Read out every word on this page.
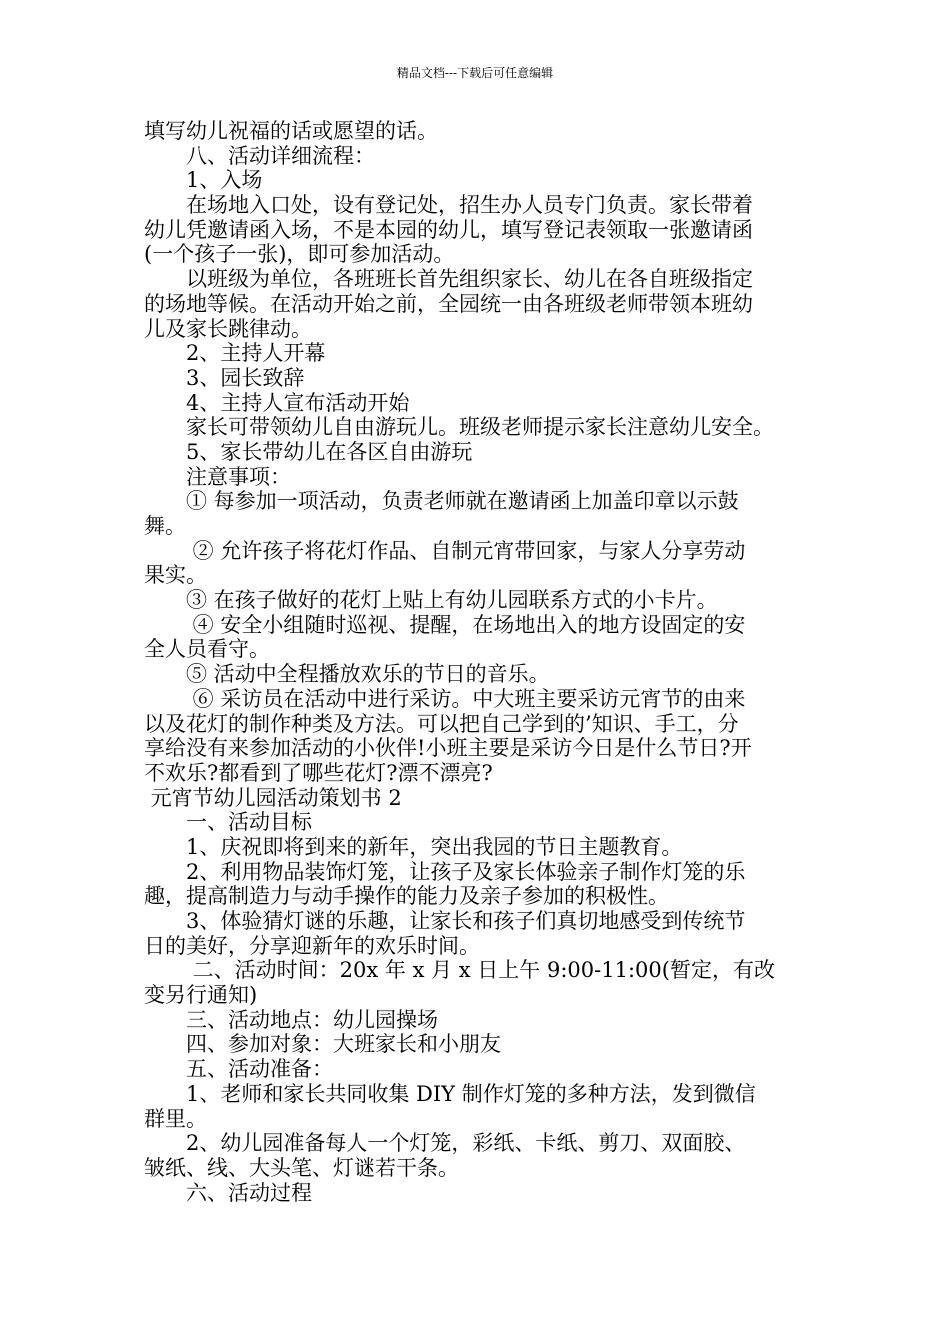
精品文档---下载后可任意编辑
填写幼儿祝福的话或愿望的话。
　　八、活动详细流程：
　　1、入场
　　在场地入口处，设有登记处，招生办人员专门负责。家长带着
幼儿凭邀请函入场，不是本园的幼儿，填写登记表领取一张邀请函
(一个孩子一张)，即可参加活动。
　　以班级为单位，各班班长首先组织家长、幼儿在各自班级指定
的场地等候。在活动开始之前，全园统一由各班级老师带领本班幼
儿及家长跳律动。
　　2、主持人开幕
　　3、园长致辞
　　4、主持人宣布活动开始
　　家长可带领幼儿自由游玩儿。班级老师提示家长注意幼儿安全。
　　5、家长带幼儿在各区自由游玩
　　注意事项：
　　① 每参加一项活动，负责老师就在邀请函上加盖印章以示鼓
舞。
　　 ② 允许孩子将花灯作品、自制元宵带回家，与家人分享劳动
果实。
　　③ 在孩子做好的花灯上贴上有幼儿园联系方式的小卡片。
　　 ④ 安全小组随时巡视、提醒，在场地出入的地方设固定的安
全人员看守。
　　⑤ 活动中全程播放欢乐的节日的音乐。
　　 ⑥ 采访员在活动中进行采访。中大班主要采访元宵节的由来
以及花灯的制作种类及方法。可以把自己学到的’知识、手工，分
享给没有来参加活动的小伙伴!小班主要是采访今日是什么节日?开
不欢乐?都看到了哪些花灯?漂不漂亮?
元宵节幼儿园活动策划书 2
　　一、活动目标
　　1、庆祝即将到来的新年，突出我园的节日主题教育。
　　2、利用物品装饰灯笼，让孩子及家长体验亲子制作灯笼的乐
趣，提高制造力与动手操作的能力及亲子参加的积极性。
　　3、体验猜灯谜的乐趣，让家长和孩子们真切地感受到传统节
日的美好，分享迎新年的欢乐时间。
　　 二、活动时间：20x 年 x 月 x 日上午 9:00-11:00(暂定，有改
变另行通知)
　　三、活动地点：幼儿园操场
　　四、参加对象：大班家长和小朋友
　　五、活动准备：
　　1、老师和家长共同收集 DIY 制作灯笼的多种方法，发到微信
群里。
　　2、幼儿园准备每人一个灯笼，彩纸、卡纸、剪刀、双面胶、
皱纸、线、大头笔、灯谜若干条。
　　六、活动过程
